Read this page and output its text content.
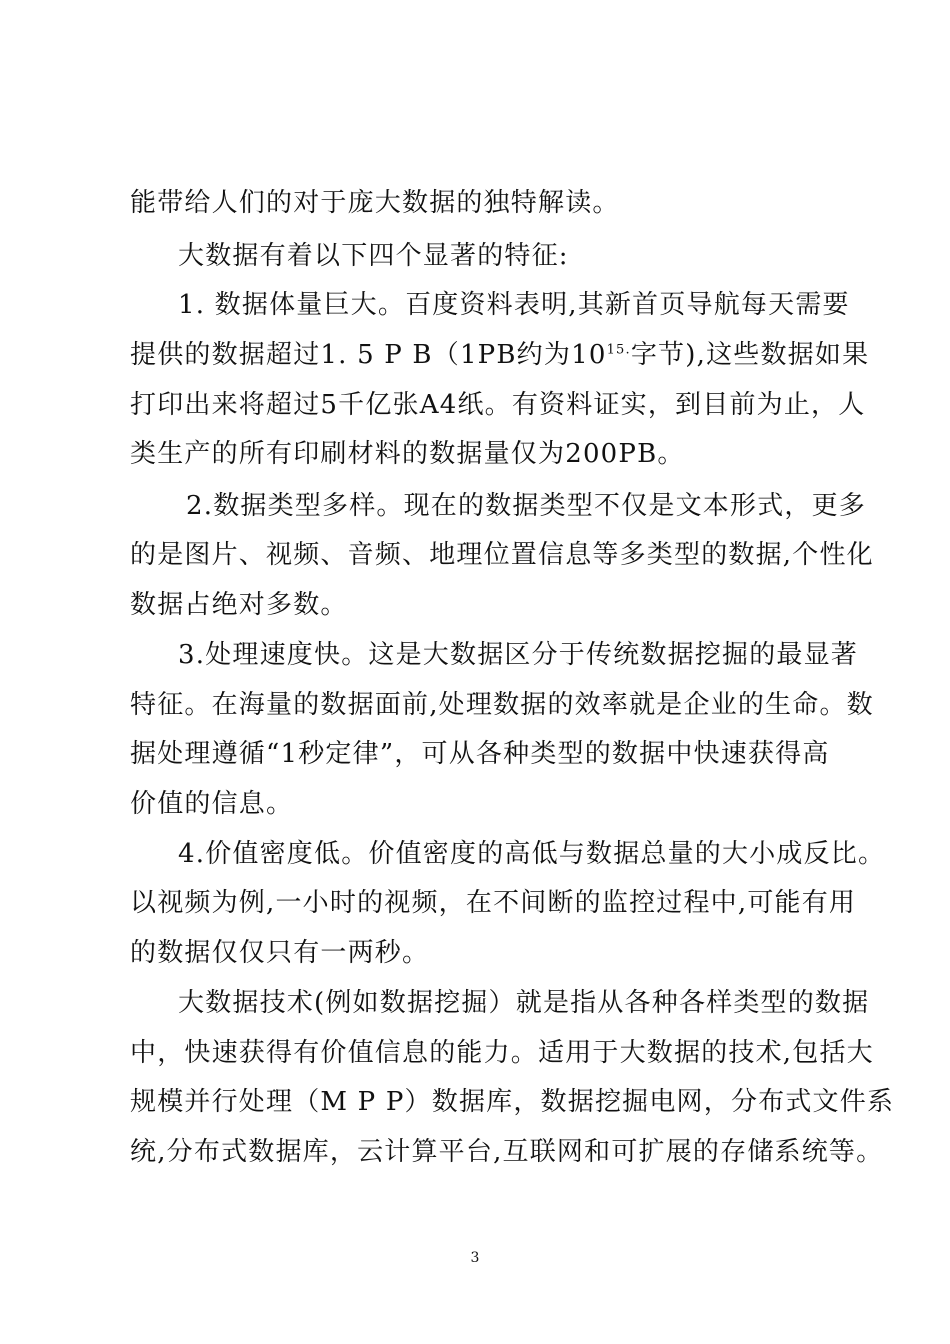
能带给人们的对于庞大数据的独特解读。
大数据有着以下四个显著的特征:
1. 数据体量巨大。百度资料表明,其新首页导航每天需要
提供的数据超过1. 5 P B（1PB约为$10^{15.}$字节),这些数据如果
打印出来将超过5千亿张A4纸。有资料证实，到目前为止，人
类生产的所有印刷材料的数据量仅为200PB。
2.数据类型多样。现在的数据类型不仅是文本形式，更多
的是图片、视频、音频、地理位置信息等多类型的数据,个性化
数据占绝对多数。
3.处理速度快。这是大数据区分于传统数据挖掘的最显著
特征。在海量的数据面前,处理数据的效率就是企业的生命。数
据处理遵循“1秒定律”，可从各种类型的数据中快速获得高
价值的信息。
4.价值密度低。价值密度的高低与数据总量的大小成反比。
以视频为例,一小时的视频，在不间断的监控过程中,可能有用
的数据仅仅只有一两秒。
大数据技术(例如数据挖掘）就是指从各种各样类型的数据
中，快速获得有价值信息的能力。适用于大数据的技术,包括大
规模并行处理（M P P）数据库，数据挖掘电网，分布式文件系
统,分布式数据库，云计算平台,互联网和可扩展的存储系统等。
3
